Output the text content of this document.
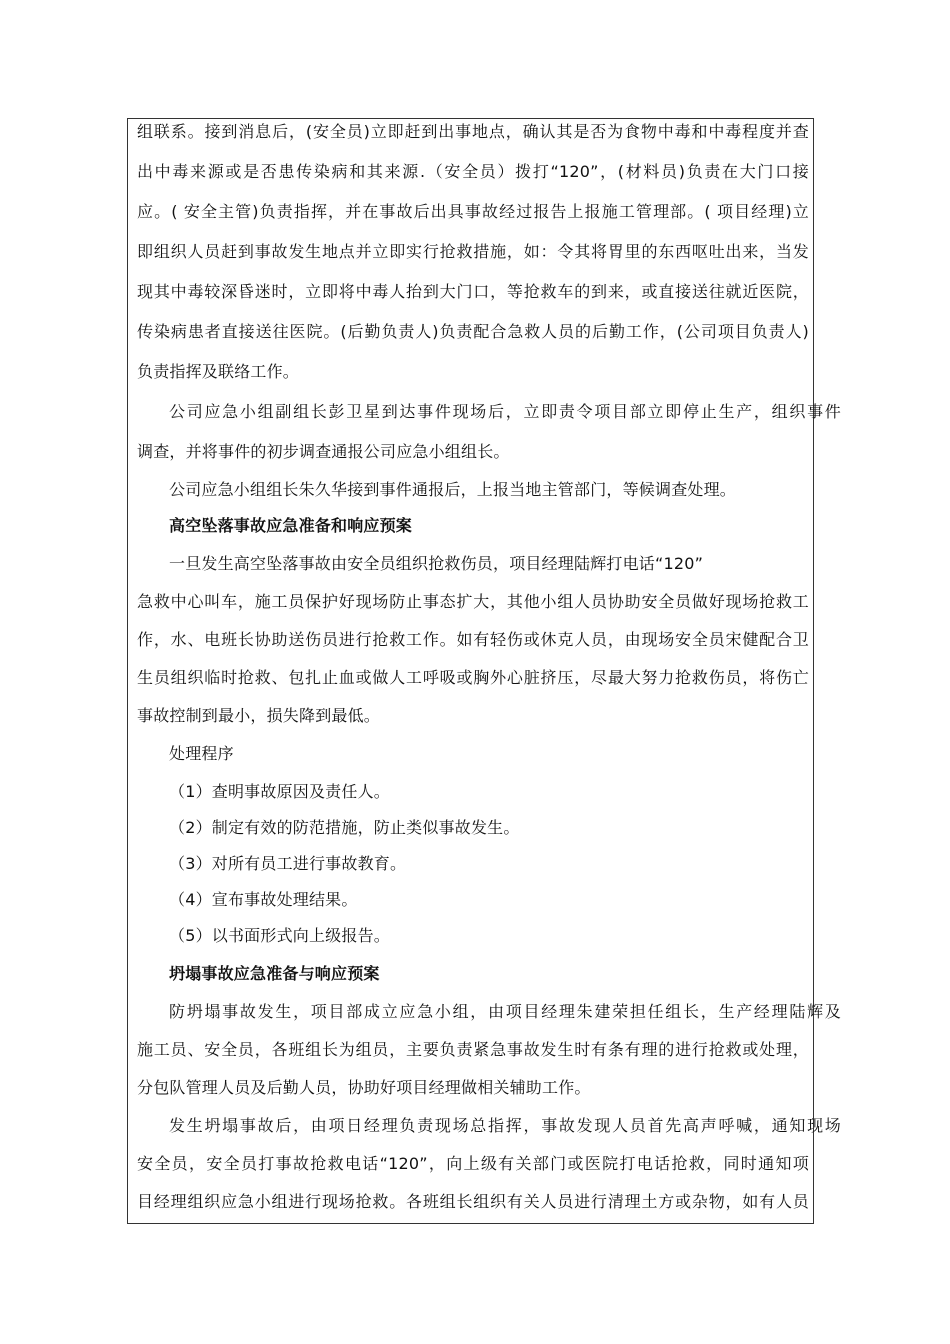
组联系。接到消息后，(安全员)立即赶到出事地点，确认其是否为食物中毒和中毒程度并查
出中毒来源或是否患传染病和其来源.（安全员）拨打“120”，(材料员)负责在大门口接
应。( 安全主管)负责指挥，并在事故后出具事故经过报告上报施工管理部。( 项目经理)立
即组织人员赶到事故发生地点并立即实行抢救措施，如：令其将胃里的东西呕吐出来，当发
现其中毒较深昏迷时，立即将中毒人抬到大门口，等抢救车的到来，或直接送往就近医院，
传染病患者直接送往医院。(后勤负责人)负责配合急救人员的后勤工作，(公司项目负责人)
负责指挥及联络工作。
公司应急小组副组长彭卫星到达事件现场后，立即责令项目部立即停止生产，组织事件
调查，并将事件的初步调查通报公司应急小组组长。
公司应急小组组长朱久华接到事件通报后，上报当地主管部门，等候调查处理。
高空坠落事故应急准备和响应预案
一旦发生高空坠落事故由安全员组织抢救伤员，项目经理陆辉打电话“120”
急救中心叫车，施工员保护好现场防止事态扩大，其他小组人员协助安全员做好现场抢救工
作，水、电班长协助送伤员进行抢救工作。如有轻伤或休克人员，由现场安全员宋健配合卫
生员组织临时抢救、包扎止血或做人工呼吸或胸外心脏挤压，尽最大努力抢救伤员，将伤亡
事故控制到最小，损失降到最低。
处理程序
（1）查明事故原因及责任人。
（2）制定有效的防范措施，防止类似事故发生。
（3）对所有员工进行事故教育。
（4）宣布事故处理结果。
（5）以书面形式向上级报告。
坍塌事故应急准备与响应预案
防坍塌事故发生，项目部成立应急小组，由项目经理朱建荣担任组长，生产经理陆辉及
施工员、安全员，各班组长为组员，主要负责紧急事故发生时有条有理的进行抢救或处理，
分包队管理人员及后勤人员，协助好项目经理做相关辅助工作。
发生坍塌事故后，由项日经理负责现场总指挥，事故发现人员首先高声呼喊，通知现场
安全员，安全员打事故抢救电话“120”，向上级有关部门或医院打电话抢救，同时通知项
目经理组织应急小组进行现场抢救。各班组长组织有关人员进行清理土方或杂物，如有人员
